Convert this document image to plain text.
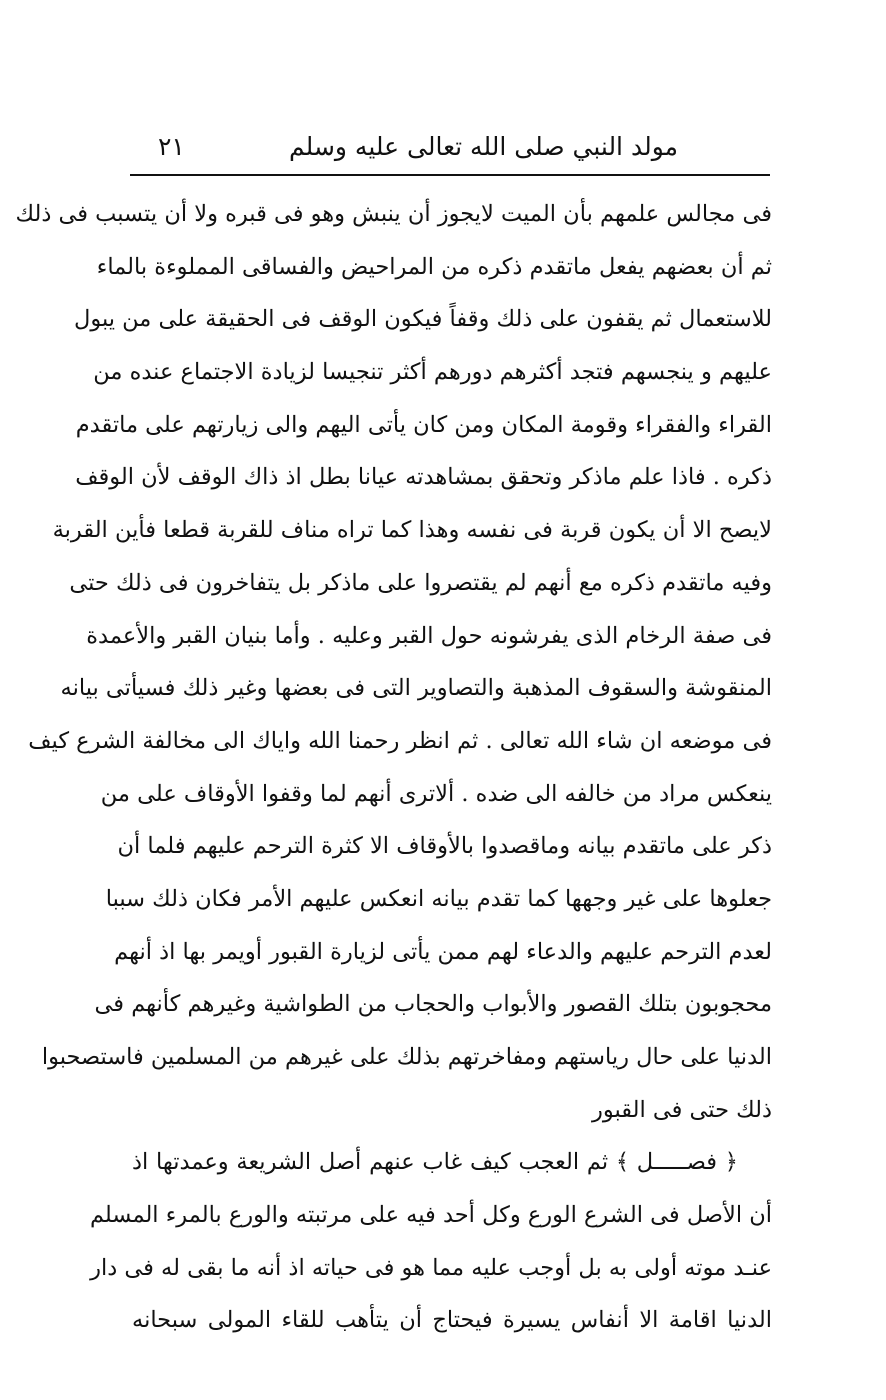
مولد النبي صلى الله تعالى عليه وسلم
٢١
فى مجالس علمهم بأن الميت لايجوز أن ينبش وهو فى قبره ولا أن يتسبب فى ذلك
ثم أن بعضهم يفعل ماتقدم ذكره من المراحيض والفساقى المملوءة بالماء
للاستعمال ثم يقفون على ذلك وقفاً فيكون الوقف فى الحقيقة على من يبول
عليهم و ينجسهم فتجد أكثرهم دورهم أكثر تنجيسا لزيادة الاجتماع عنده من
القراء والفقراء وقومة المكان ومن كان يأتى اليهم والى زيارتهم على ماتقدم
ذكره . فاذا علم ماذكر وتحقق بمشاهدته عيانا بطل اذ ذاك الوقف لأن الوقف
لايصح الا أن يكون قربة فى نفسه وهذا كما تراه مناف للقربة قطعا فأين القربة
وفيه ماتقدم ذكره مع أنهم لم يقتصروا على ماذكر بل يتفاخرون فى ذلك حتى
فى صفة الرخام الذى يفرشونه حول القبر وعليه . وأما بنيان القبر والأعمدة
المنقوشة والسقوف المذهبة والتصاوير التى فى بعضها وغير ذلك فسيأتى بيانه
فى موضعه ان شاء الله تعالى . ثم انظر رحمنا الله واياك الى مخالفة الشرع كيف
ينعكس مراد من خالفه الى ضده . ألاترى أنهم لما وقفوا الأوقاف على من
ذكر على ماتقدم بيانه وماقصدوا بالأوقاف الا كثرة الترحم عليهم فلما أن
جعلوها على غير وجهها كما تقدم بيانه انعكس عليهم الأمر فكان ذلك سببا
لعدم الترحم عليهم والدعاء لهم ممن يأتى لزيارة القبور أويمر بها اذ أنهم
محجوبون بتلك القصور والأبواب والحجاب من الطواشية وغيرهم كأنهم فى
الدنيا على حال رياستهم ومفاخرتهم بذلك على غيرهم من المسلمين فاستصحبوا
ذلك حتى فى القبور
﴿ فصـــــل ﴾ ثم العجب كيف غاب عنهم أصل الشريعة وعمدتها اذ
أن الأصل فى الشرع الورع وكل أحد فيه على مرتبته والورع بالمرء المسلم
عنـد موته أولى به بل أوجب عليه مما هو فى حياته اذ أنه ما بقى له فى دار
الدنيا اقامة الا أنفاس يسيرة فيحتاج أن يتأهب للقاء المولى سبحانه
